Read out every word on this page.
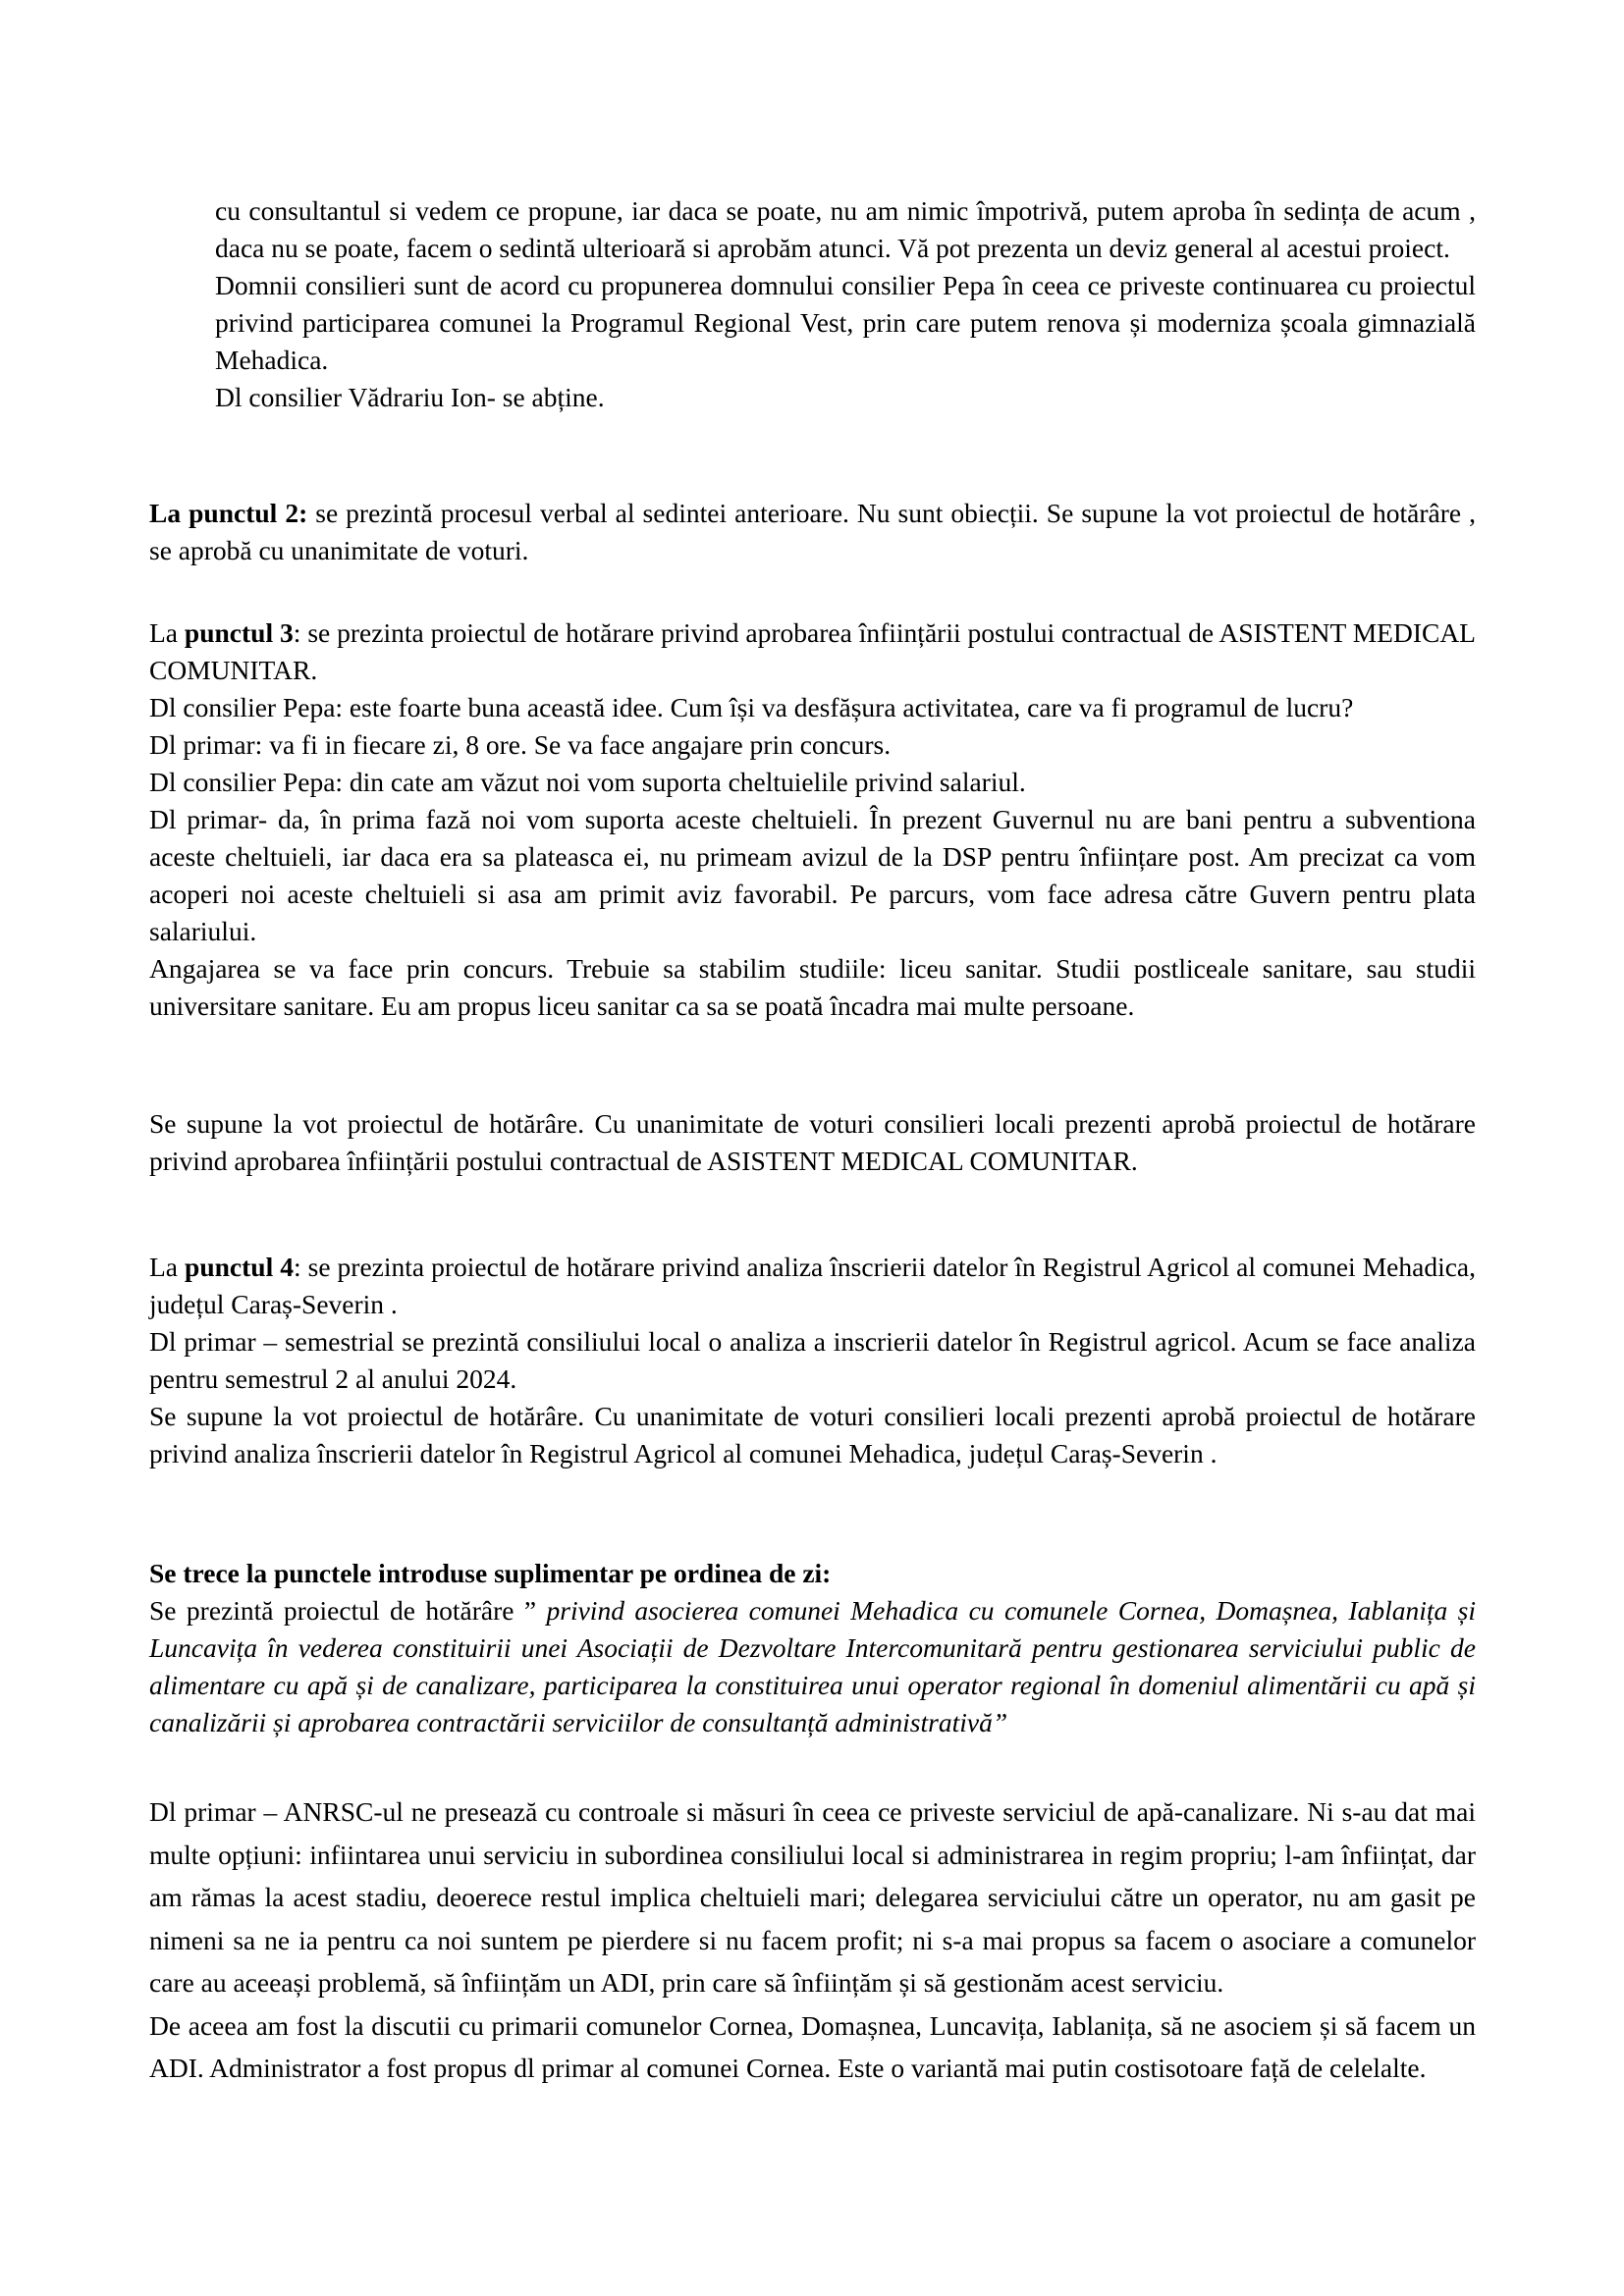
cu consultantul si vedem ce propune, iar daca se poate, nu am nimic împotrivă, putem aproba în sedința de acum , daca nu se poate, facem o sedintă ulterioară si aprobăm atunci. Vă pot prezenta un deviz general al acestui proiect.

Domnii consilieri sunt de acord cu propunerea domnului consilier Pepa în ceea ce priveste continuarea cu proiectul privind participarea comunei la Programul Regional Vest, prin care putem renova și moderniza școala gimnazială Mehadica.

Dl consilier Vădrariu Ion- se abține.

La punctul 2: se prezintă procesul verbal al sedintei anterioare. Nu sunt obiecții. Se supune la vot proiectul de hotărâre , se aprobă cu unanimitate de voturi.

La punctul 3: se prezinta proiectul de hotărare privind aprobarea înființării postului contractual de ASISTENT MEDICAL COMUNITAR.

Dl consilier Pepa: este foarte buna această idee. Cum își va desfășura activitatea, care va fi programul de lucru?

Dl primar: va fi in fiecare zi, 8 ore. Se va face angajare prin concurs.

Dl consilier Pepa: din cate am văzut noi vom suporta cheltuielile privind salariul.

Dl primar- da, în prima fază noi vom suporta aceste cheltuieli. În prezent Guvernul nu are bani pentru a subventiona aceste cheltuieli, iar daca era sa plateasca ei, nu primeam avizul de la DSP pentru înființare post. Am precizat ca vom acoperi noi aceste cheltuieli si asa am primit aviz favorabil. Pe parcurs, vom face adresa către Guvern pentru plata salariului.

Angajarea se va face prin concurs. Trebuie sa stabilim studiile: liceu sanitar. Studii postliceale sanitare, sau studii universitare sanitare. Eu am propus liceu sanitar ca sa se poată încadra mai multe persoane.

Se supune la vot proiectul de hotărâre. Cu unanimitate de voturi consilieri locali prezenti aprobă proiectul de hotărare privind aprobarea înființării postului contractual de ASISTENT MEDICAL COMUNITAR.

La punctul 4: se prezinta proiectul de hotărare privind analiza înscrierii datelor în Registrul Agricol al comunei Mehadica, județul Caraș-Severin .

Dl primar – semestrial se prezintă consiliului local o analiza a inscrierii datelor în Registrul agricol. Acum se face analiza pentru semestrul 2 al anului 2024.

Se supune la vot proiectul de hotărâre. Cu unanimitate de voturi consilieri locali prezenti aprobă proiectul de hotărare privind analiza înscrierii datelor în Registrul Agricol al comunei Mehadica, județul Caraș-Severin .

Se trece la punctele introduse suplimentar pe ordinea de zi:

Se prezintă proiectul de hotărâre ” privind asocierea comunei Mehadica cu comunele Cornea, Domașnea, Iablanița și Luncavița în vederea constituirii unei Asociații de Dezvoltare Intercomunitară pentru gestionarea serviciului public de alimentare cu apă și de canalizare, participarea la constituirea unui operator regional în domeniul alimentării cu apă și canalizării și aprobarea contractării serviciilor de consultanță administrativă”

Dl primar – ANRSC-ul ne presează cu controale si măsuri în ceea ce priveste serviciul de apă-canalizare. Ni s-au dat mai multe opțiuni: infiintarea unui serviciu in subordinea consiliului local si administrarea in regim propriu; l-am înființat, dar am rămas la acest stadiu, deoerece restul implica cheltuieli mari; delegarea serviciului către un operator, nu am gasit pe nimeni sa ne ia pentru ca noi suntem pe pierdere si nu facem profit; ni s-a mai propus sa facem o asociare a comunelor care au aceeași problemă, să înființăm un ADI, prin care să înființăm și să gestionăm acest serviciu.

De aceea am fost la discutii cu primarii comunelor Cornea, Domașnea, Luncavița, Iablanița, să ne asociem și să facem un ADI. Administrator a fost propus dl primar al comunei Cornea. Este o variantă mai putin costisotoare față de celelalte.
